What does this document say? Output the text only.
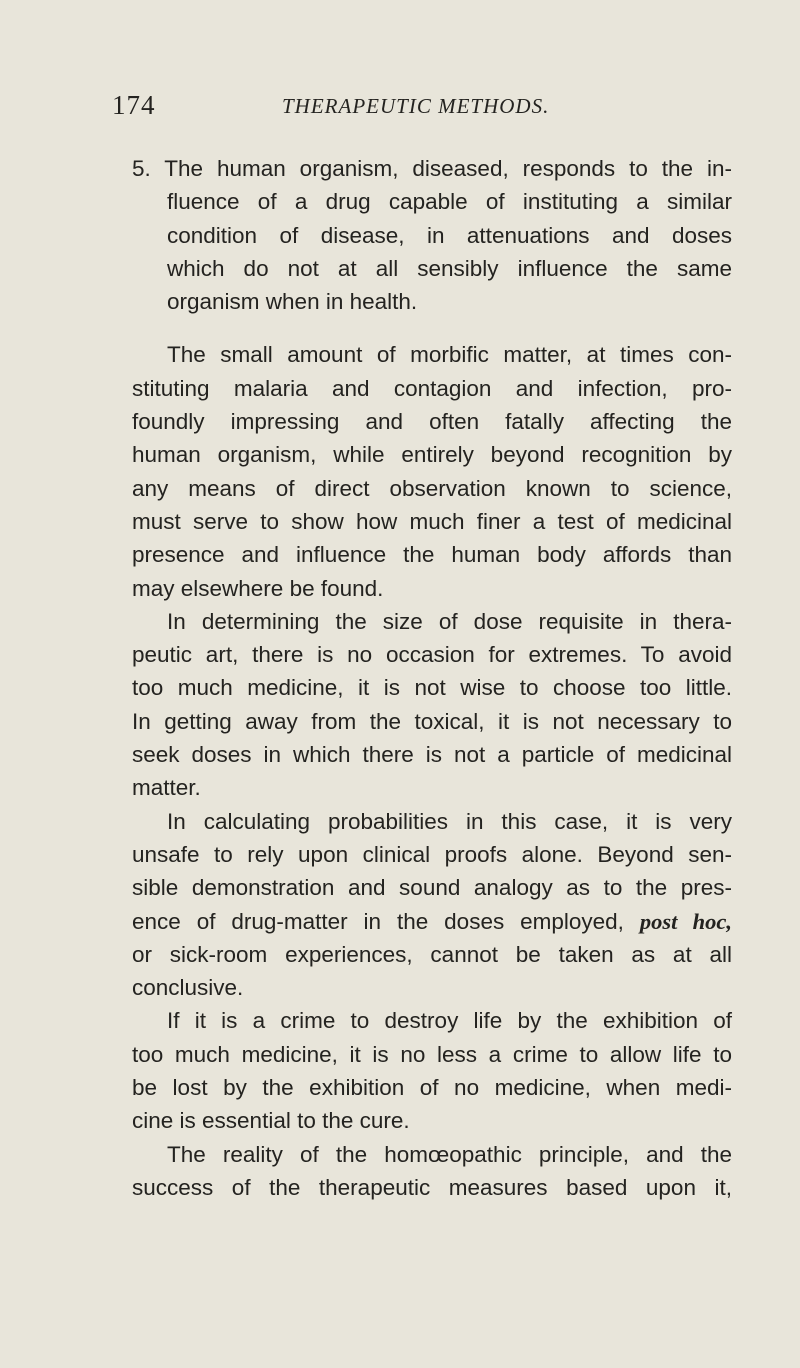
174	THERAPEUTIC METHODS.
5. The human organism, diseased, responds to the in-
fluence of a drug capable of instituting a similar
condition of disease, in attenuations and doses
which do not at all sensibly influence the same
organism when in health.
The small amount of morbific matter, at times con-
stituting malaria and contagion and infection, pro-
foundly impressing and often fatally affecting the
human organism, while entirely beyond recognition by
any means of direct observation known to science,
must serve to show how much finer a test of medicinal
presence and influence the human body affords than
may elsewhere be found.
In determining the size of dose requisite in thera-
peutic art, there is no occasion for extremes. To avoid
too much medicine, it is not wise to choose too little.
In getting away from the toxical, it is not necessary to
seek doses in which there is not a particle of medicinal
matter.
In calculating probabilities in this case, it is very
unsafe to rely upon clinical proofs alone. Beyond sen-
sible demonstration and sound analogy as to the pres-
ence of drug-matter in the doses employed, post hoc,
or sick-room experiences, cannot be taken as at all
conclusive.
If it is a crime to destroy life by the exhibition of
too much medicine, it is no less a crime to allow life to
be lost by the exhibition of no medicine, when medi-
cine is essential to the cure.
The reality of the homœopathic principle, and the
success of the therapeutic measures based upon it,
